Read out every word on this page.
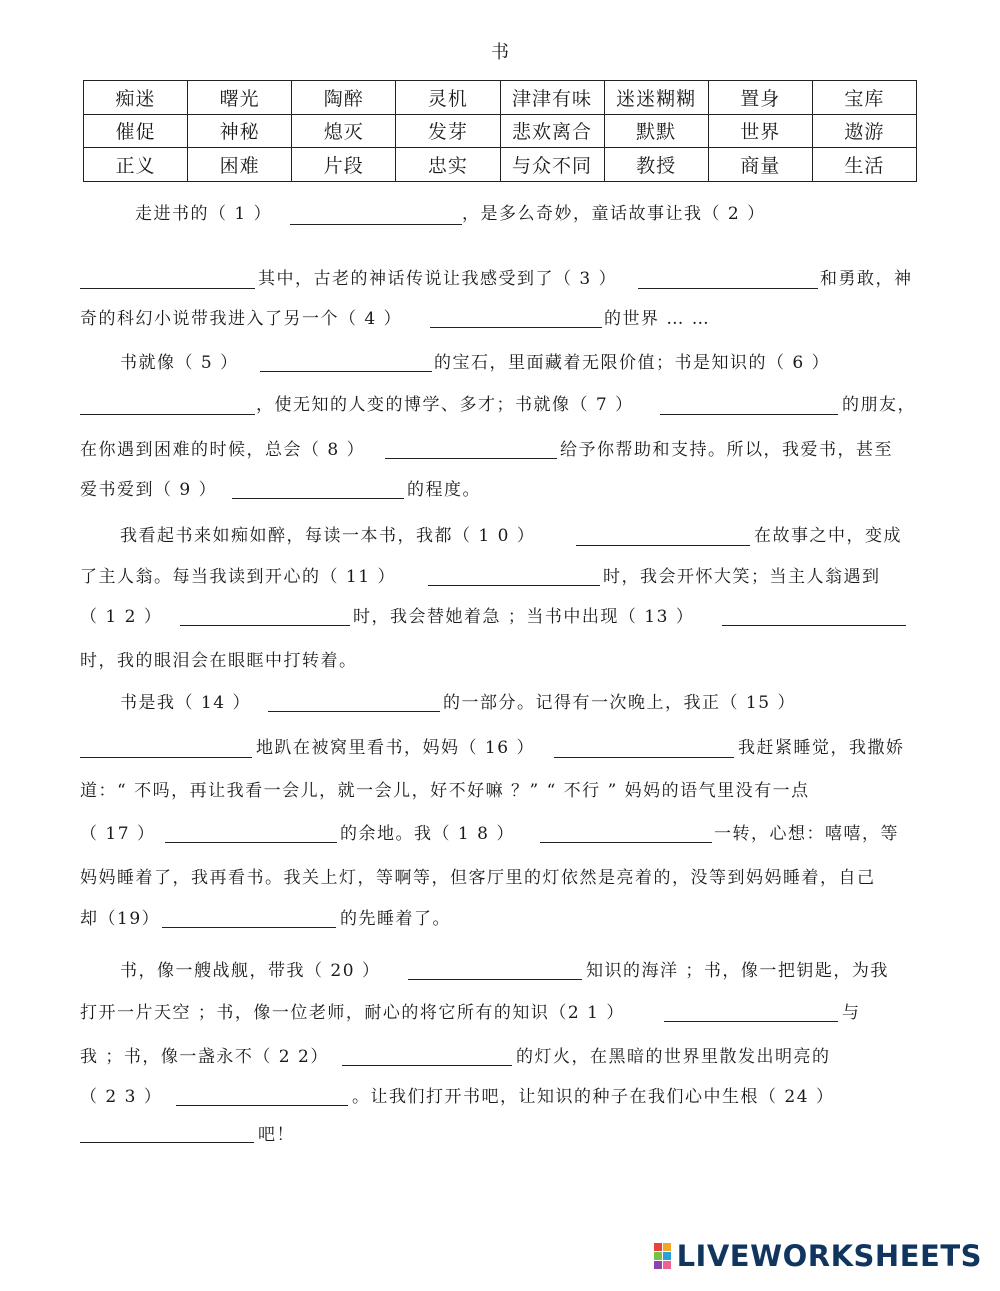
书
痴迷	曙光	陶醉	灵机	津津有味	迷迷糊糊	置身	宝库
催促	神秘	熄灭	发芽	悲欢离合	默默	世界	遨游
正义	困难	片段	忠实	与众不同	教授	商量	生活
走进书的（ 1 ）	，是多么奇妙，童话故事让我（ 2 ）
其中，古老的神话传说让我感受到了（ 3 ）	和勇敢，神
奇的科幻小说带我进入了另一个（ 4 ）	的世界 … …
书就像（ 5 ）	的宝石，里面藏着无限价值；书是知识的（ 6 ）
，使无知的人变的博学、多才；书就像（ 7 ）	的朋友，
在你遇到困难的时候，总会（ 8 ）	给予你帮助和支持。所以，我爱书，甚至
爱书爱到（ 9 ）	的程度。
我看起书来如痴如醉，每读一本书，我都（ 1 0 ）	在故事之中，变成
了主人翁。每当我读到开心的（ 11 ）	时，我会开怀大笑；当主人翁遇到
（ 1 2 ）	时，我会替她着急 ；当书中出现（ 13 ）
时，我的眼泪会在眼眶中打转着。
书是我（ 14 ）	的一部分。记得有一次晚上，我正（ 15 ）
地趴在被窝里看书，妈妈（ 16 ）	我赶紧睡觉，我撒娇
道：“ 不吗，再让我看一会儿，就一会儿，好不好嘛 ？” “ 不行 ” 妈妈的语气里没有一点
（ 17 ）	的余地。我（ 1 8 ）	一转，心想：嘻嘻，等
妈妈睡着了，我再看书。我关上灯，等啊等，但客厅里的灯依然是亮着的，没等到妈妈睡着，自己
却（19）	的先睡着了。
书，像一艘战舰，带我（ 20 ）	知识的海洋 ；书，像一把钥匙，为我
打开一片天空 ；书，像一位老师，耐心的将它所有的知识（2 1 ）	与
我 ；书，像一盏永不（ 2 2）	的灯火，在黑暗的世界里散发出明亮的
（ 2 3 ）	。让我们打开书吧，让知识的种子在我们心中生根（ 24 ）
吧！
LIVEWORKSHEETS
